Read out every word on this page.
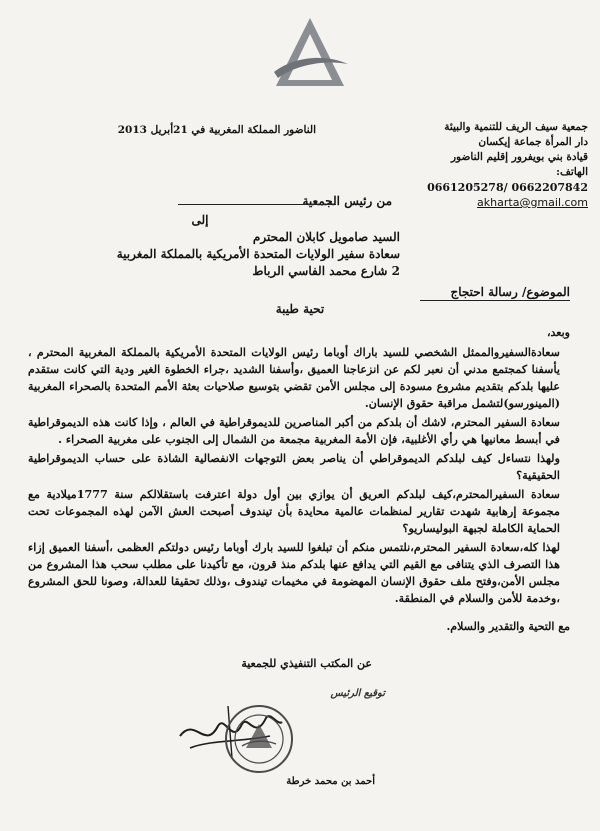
جمعية سيف الريف للتنمية والبيئة
دار المرأة جماعة إيكسان
قيادة بني بويفرور إقليم الناضور
الهاتف:
0661205278/ 0662207842
akharta@gmail.com
الناضور المملكة المغربية في 21أبريل 2013
من رئيس الجمعية
إلى
السيد صامويل كابلان المحترم
سعادة سفير الولايات المتحدة الأمريكية بالمملكة المغربية
2 شارع محمد الفاسي الرباط
الموضوع/ رسالة احتجاج
تحية طيبة
وبعد،

سعادةالسفيروالممثل الشخصي للسيد باراك أوباما رئيس الولايات المتحدة الأمريكية بالمملكة المغربية المحترم ، يأسفنا كمجتمع مدني أن نعبر لكم عن انزعاجنا العميق ،وأسفنا الشديد ،جراء الخطوة الغير ودية التي كانت ستقدم عليها بلدكم بتقديم مشروع مسودة إلى مجلس الأمن تقضي بتوسيع صلاحيات بعثة الأمم المتحدة بالصحراء المغربية (المينورسو)لتشمل مراقبة حقوق الإنسان.

سعادة السفير المحترم، لاشك أن بلدكم من أكبر المناصرين للديموقراطية في العالم ، وإذا كانت هذه الديموقراطية في أبسط معانيها هي رأي الأغلبية، فإن الأمة المغربية مجمعة من الشمال إلى الجنوب على مغربية الصحراء .

ولهذا نتساءل كيف لبلدكم الديموقراطي أن يناصر بعض التوجهات الانفصالية الشاذة على حساب الديموقراطية الحقيقية؟

سعادة السفيرالمحترم،كيف لبلدكم العريق أن يوازي بين أول دولة اعترفت باستقلالكم سنة 1777ميلادية مع مجموعة إرهابية شهدت تقارير لمنظمات عالمية محايدة بأن تيندوف أصبحت العش الآمن لهذه المجموعات تحت الحماية الكاملة لجبهة البوليساريو؟

لهذا كله،سعادة السفير المحترم،نلتمس منكم أن تبلغوا للسيد بارك أوباما رئيس دولتكم العظمى ،أسفنا العميق إزاء هذا التصرف الذي يتنافى مع القيم التي يدافع عنها بلدكم منذ قرون، مع تأكيدنا على مطلب سحب هذا المشروع من مجلس الأمن،وفتح ملف حقوق الإنسان المهضومة في مخيمات تيندوف ،وذلك تحقيقا للعدالة، وصونا للحق المشروع ،وخدمة للأمن والسلام في المنطقة.

مع التحية والتقدير والسلام.
عن المكتب التنفيذي للجمعية
توقيع الرئيس
أحمد بن محمد خرطة
